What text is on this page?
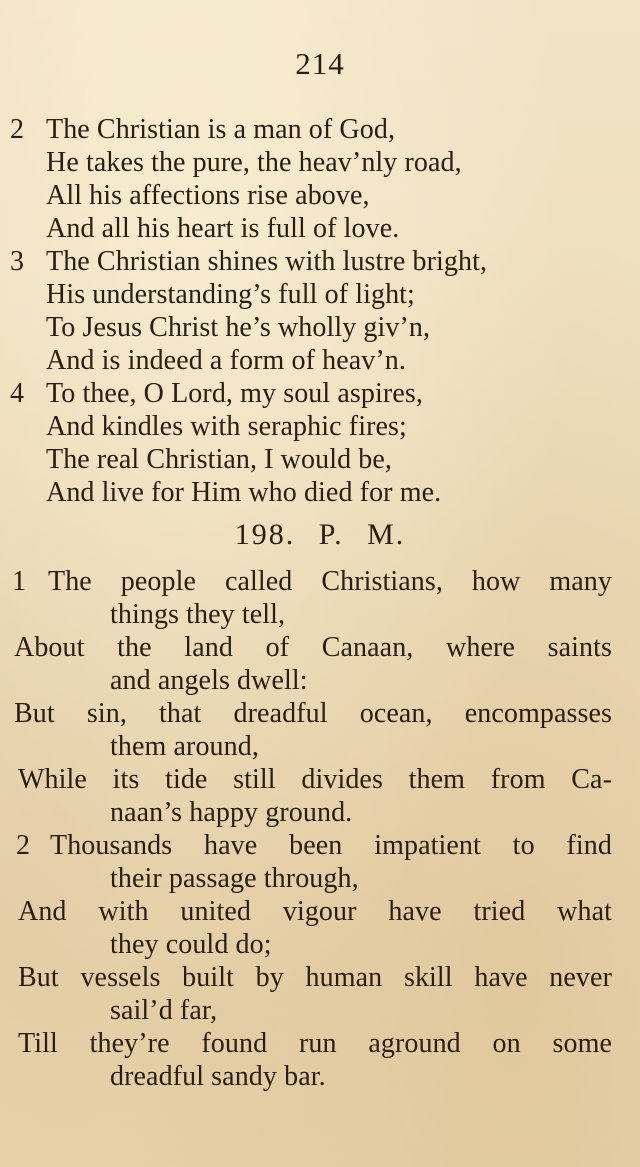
214
2 The Christian is a man of God,
He takes the pure, the heav’nly road,
All his affections rise above,
And all his heart is full of love.
3 The Christian shines with lustre bright,
His understanding’s full of light;
To Jesus Christ he’s wholly giv’n,
And is indeed a form of heav’n.
4 To thee, O Lord, my soul aspires,
And kindles with seraphic fires;
The real Christian, I would be,
And live for Him who died for me.
198. P. M.
1 The people called Christians, how many
things they tell,
About the land of Canaan, where saints
and angels dwell:
But sin, that dreadful ocean, encompasses
them around,
While its tide still divides them from Ca-
naan’s happy ground.
2 Thousands have been impatient to find
their passage through,
And with united vigour have tried what
they could do;
But vessels built by human skill have never
sail’d far,
Till they’re found run aground on some
dreadful sandy bar.
